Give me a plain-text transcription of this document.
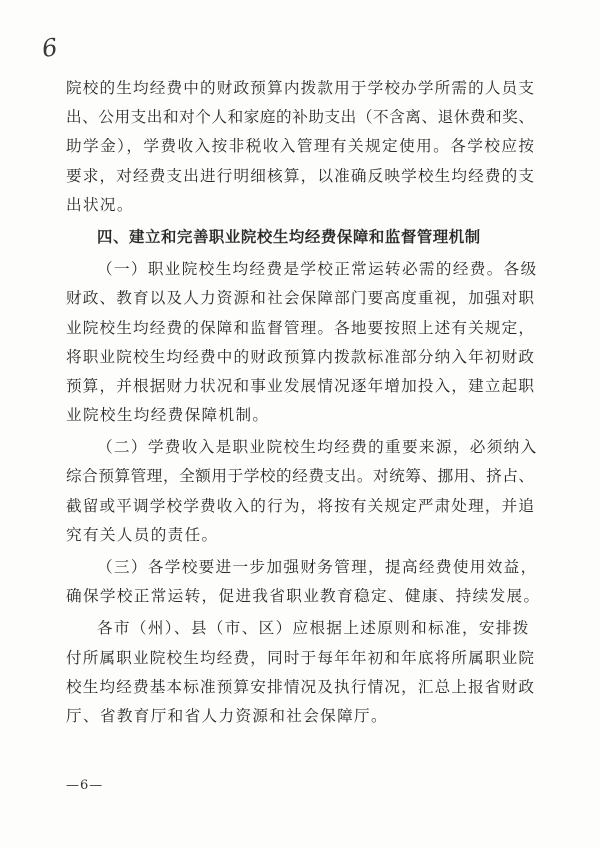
6
院校的生均经费中的财政预算内拨款用于学校办学所需的人员支
出、公用支出和对个人和家庭的补助支出（不含离、退休费和奖、
助学金），学费收入按非税收入管理有关规定使用。各学校应按
要求，对经费支出进行明细核算，以准确反映学校生均经费的支
出状况。
四、建立和完善职业院校生均经费保障和监督管理机制
（一）职业院校生均经费是学校正常运转必需的经费。各级
财政、教育以及人力资源和社会保障部门要高度重视，加强对职
业院校生均经费的保障和监督管理。各地要按照上述有关规定，
将职业院校生均经费中的财政预算内拨款标准部分纳入年初财政
预算，并根据财力状况和事业发展情况逐年增加投入，建立起职
业院校生均经费保障机制。
（二）学费收入是职业院校生均经费的重要来源，必须纳入
综合预算管理，全额用于学校的经费支出。对统筹、挪用、挤占、
截留或平调学校学费收入的行为，将按有关规定严肃处理，并追
究有关人员的责任。
（三）各学校要进一步加强财务管理，提高经费使用效益，
确保学校正常运转，促进我省职业教育稳定、健康、持续发展。
各市（州）、县（市、区）应根据上述原则和标准，安排拨
付所属职业院校生均经费，同时于每年年初和年底将所属职业院
校生均经费基本标准预算安排情况及执行情况，汇总上报省财政
厅、省教育厅和省人力资源和社会保障厅。
—6—
